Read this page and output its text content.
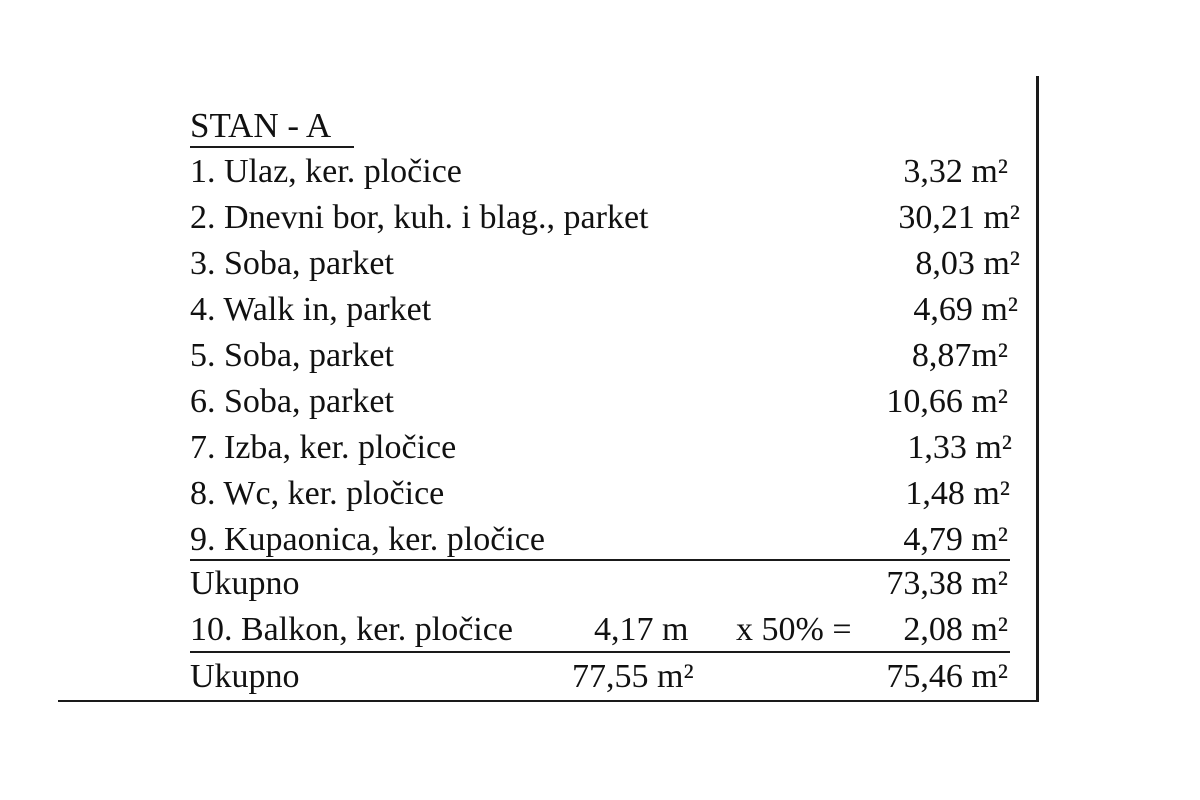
STAN - A
1. Ulaz, ker. pločice	3,32 m²
2. Dnevni bor, kuh. i blag., parket	30,21 m²
3. Soba, parket	8,03 m²
4. Walk in, parket	4,69 m²
5. Soba, parket	8,87m²
6. Soba, parket	10,66 m²
7. Izba, ker. pločice	1,33 m²
8. Wc, ker. pločice	1,48 m²
9. Kupaonica, ker. pločice	4,79 m²
Ukupno	73,38 m²
10. Balkon, ker. pločice 4,17 m x 50% = 2,08 m²
Ukupno	77,55 m²	75,46 m²
